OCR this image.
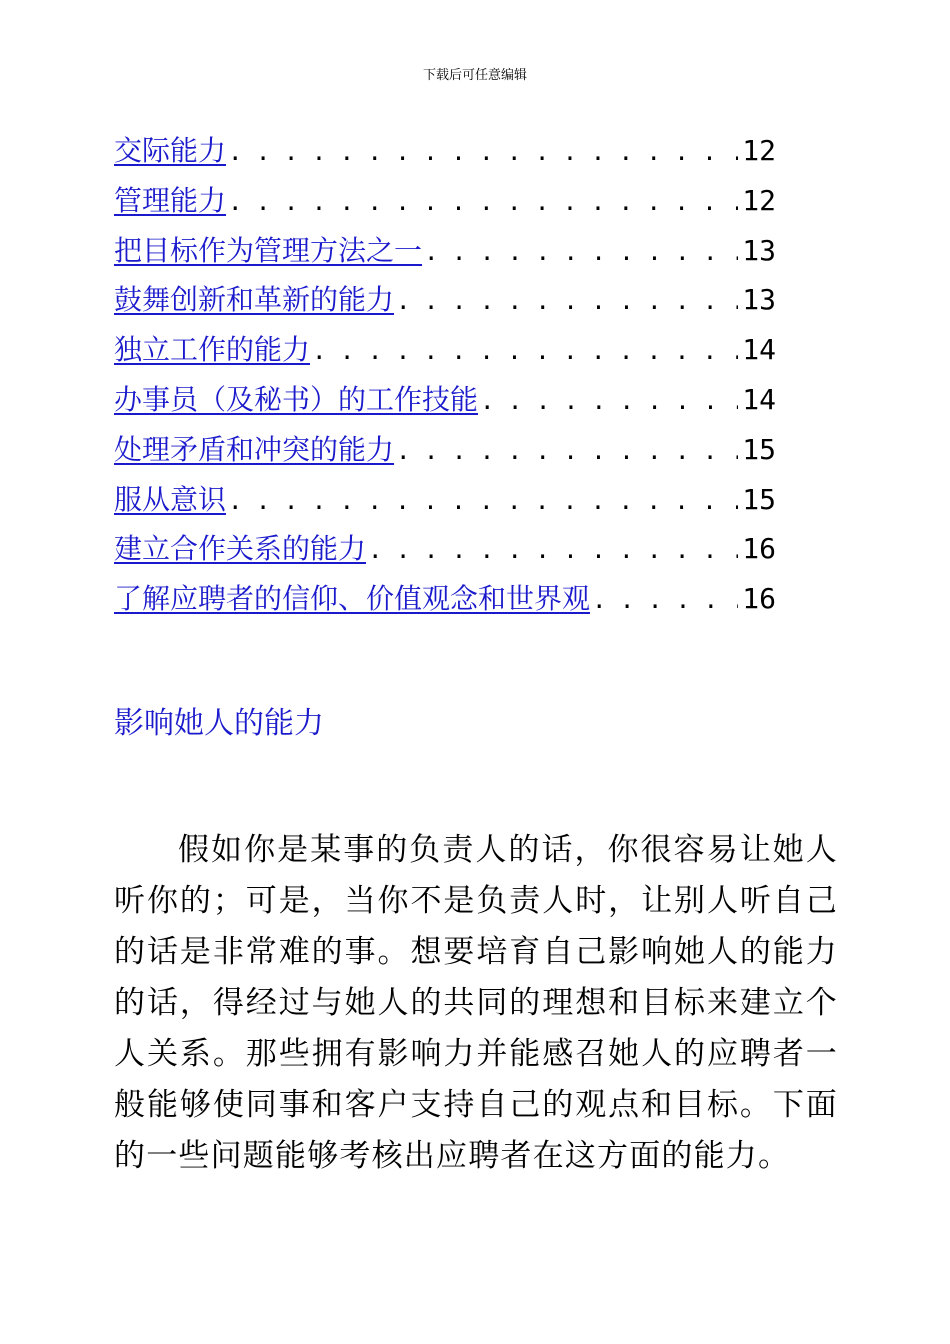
下载后可任意编辑
交际能力 . . .	12
管理能力 . . .	12
把目标作为管理方法之一 . . .	13
鼓舞创新和革新的能力 . . .	13
独立工作的能力 . . .	14
办事员（及秘书）的工作技能 . . .	14
处理矛盾和冲突的能力 . . .	15
服从意识 . . .	15
建立合作关系的能力 . . .	16
了解应聘者的信仰、价值观念和世界观 . . .	16
影响她人的能力

假如你是某事的负责人的话，你很容易让她人听你的；可是，当你不是负责人时，让别人听自己的话是非常难的事。想要培育自己影响她人的能力的话，得经过与她人的共同的理想和目标来建立个人关系。那些拥有影响力并能感召她人的应聘者一般能够使同事和客户支持自己的观点和目标。下面的一些问题能够考核出应聘者在这方面的能力。
